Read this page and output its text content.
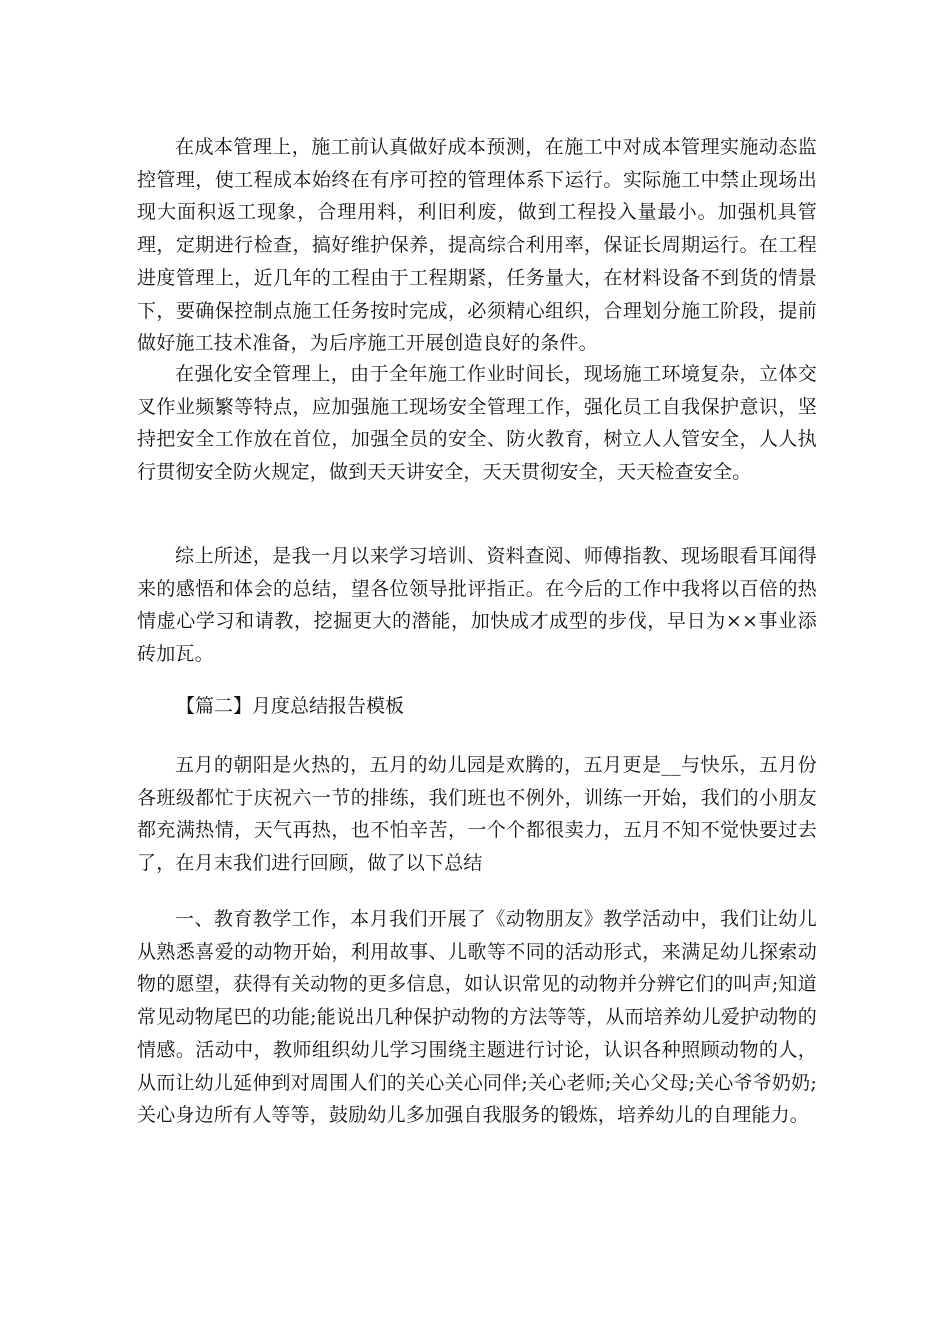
在成本管理上，施工前认真做好成本预测，在施工中对成本管理实施动态监控管理，使工程成本始终在有序可控的管理体系下运行。实际施工中禁止现场出现大面积返工现象，合理用料，利旧利废，做到工程投入量最小。加强机具管理，定期进行检查，搞好维护保养，提高综合利用率，保证长周期运行。在工程进度管理上，近几年的工程由于工程期紧，任务量大，在材料设备不到货的情景下，要确保控制点施工任务按时完成，必须精心组织，合理划分施工阶段，提前做好施工技术准备，为后序施工开展创造良好的条件。

在强化安全管理上，由于全年施工作业时间长，现场施工环境复杂，立体交叉作业频繁等特点，应加强施工现场安全管理工作，强化员工自我保护意识，坚持把安全工作放在首位，加强全员的安全、防火教育，树立人人管安全，人人执行贯彻安全防火规定，做到天天讲安全，天天贯彻安全，天天检查安全。

综上所述，是我一月以来学习培训、资料查阅、师傅指教、现场眼看耳闻得来的感悟和体会的总结，望各位领导批评指正。在今后的工作中我将以百倍的热情虚心学习和请教，挖掘更大的潜能，加快成才成型的步伐，早日为××事业添砖加瓦。

【篇二】月度总结报告模板

五月的朝阳是火热的，五月的幼儿园是欢腾的，五月更是__与快乐，五月份各班级都忙于庆祝六一节的排练，我们班也不例外，训练一开始，我们的小朋友都充满热情，天气再热，也不怕辛苦，一个个都很卖力，五月不知不觉快要过去了，在月末我们进行回顾，做了以下总结

一、教育教学工作，本月我们开展了《动物朋友》教学活动中，我们让幼儿从熟悉喜爱的动物开始，利用故事、儿歌等不同的活动形式，来满足幼儿探索动物的愿望，获得有关动物的更多信息，如认识常见的动物并分辨它们的叫声;知道常见动物尾巴的功能;能说出几种保护动物的方法等等，从而培养幼儿爱护动物的情感。活动中，教师组织幼儿学习围绕主题进行讨论，认识各种照顾动物的人，从而让幼儿延伸到对周围人们的关心关心同伴;关心老师;关心父母;关心爷爷奶奶;关心身边所有人等等，鼓励幼儿多加强自我服务的锻炼，培养幼儿的自理能力。
